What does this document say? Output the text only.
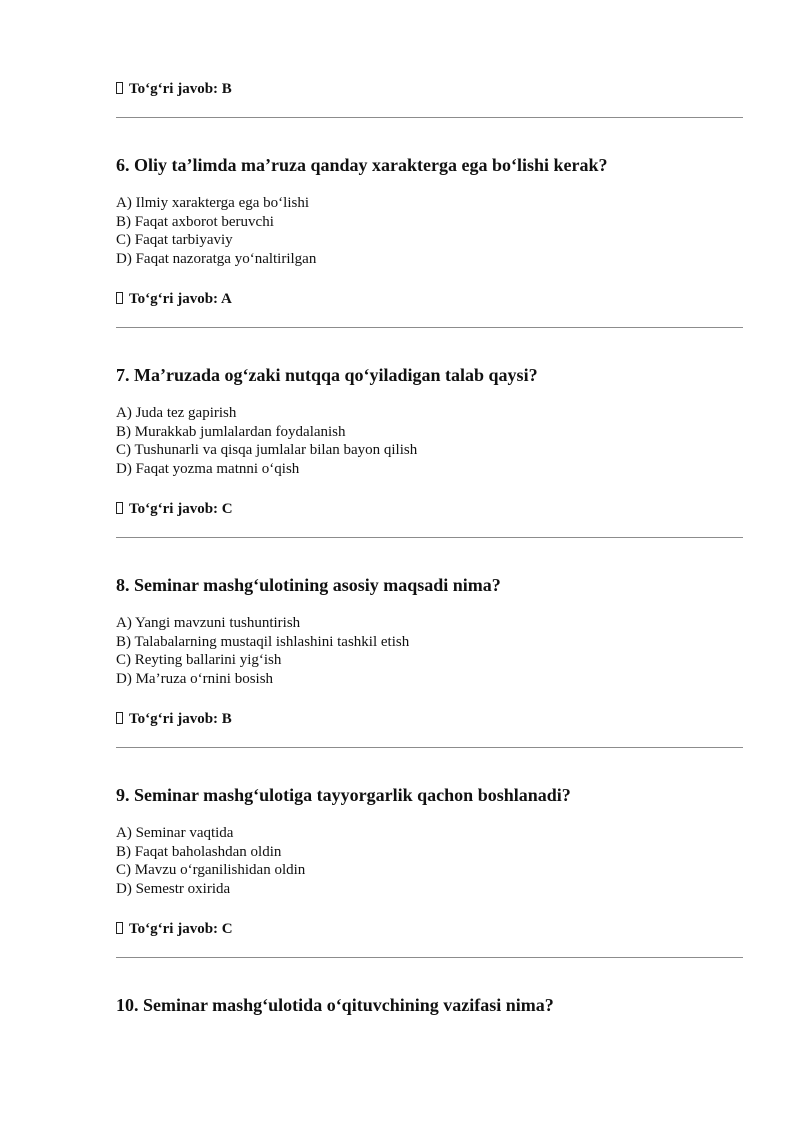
To‘g‘ri javob: B
6. Oliy ta’limda ma’ruza qanday xarakterga ega bo‘lishi kerak?
A) Ilmiy xarakterga ega bo‘lishi
B) Faqat axborot beruvchi
C) Faqat tarbiyaviy
D) Faqat nazoratga yo‘naltirilgan
To‘g‘ri javob: A
7. Ma’ruzada og‘zaki nutqqa qo‘yiladigan talab qaysi?
A) Juda tez gapirish
B) Murakkab jumlalardan foydalanish
C) Tushunarli va qisqa jumlalar bilan bayon qilish
D) Faqat yozma matnni o‘qish
To‘g‘ri javob: C
8. Seminar mashg‘ulotining asosiy maqsadi nima?
A) Yangi mavzuni tushuntirish
B) Talabalarning mustaqil ishlashini tashkil etish
C) Reyting ballarini yig‘ish
D) Ma’ruza o‘rnini bosish
To‘g‘ri javob: B
9. Seminar mashg‘ulotiga tayyorgarlik qachon boshlanadi?
A) Seminar vaqtida
B) Faqat baholashdan oldin
C) Mavzu o‘rganilishidan oldin
D) Semestr oxirida
To‘g‘ri javob: C
10. Seminar mashg‘ulotida o‘qituvchining vazifasi nima?
